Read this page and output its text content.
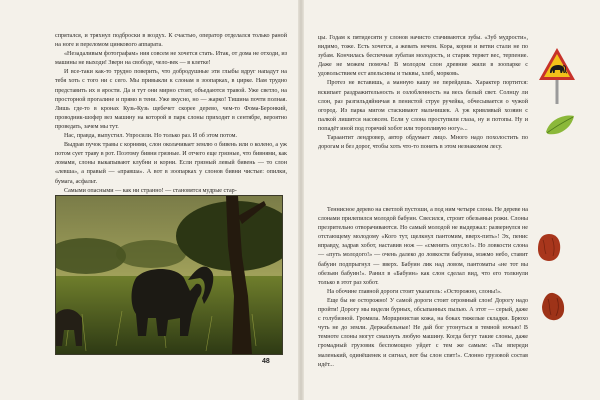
спрятался, и тряхнул подброски в воздух. К счастью, оператор отделался только раной на ноге и переломом цинкового аппарата.

«Незадаливым фотографам» ния совсем не хочется стать. Итак, от дома не отходи, из машины не выходи! Зверн на свободе, чело-век — в клетке!

И все-таки как-то трудно поверить, что добродушные эти глыбы вдруг нападут на тебя хоть с того ни с сего. Мы привыкли к слонам в зоопарках, в цирке. Нам трудно представить их в ярости. Да и тут они мирно стоят, объедаются травой. Уже светло, на просторной прогалине и прямо в тени. Уже вкусно, но — жарко! Тишина почти полная. Лишь где-то в кронах Кузь-Кузь щебечет скорее дерево, чем-то Фома-Беронкий, проводник-шофер вез машину на которой в парк слоны приходят в сентябре, вероятно проведать, зачем мы тут.

Нас, правда, выпустил. Упросили. Но только раз. И об этом потом.

Выдрав пучок травы с корнями, слон околачивает землю о бивень или о колено, а уж потом сует траву в рот. Поэтому бивни грязные. И отчего еще грязные, что бивнями, как ломами, слоны выкапывают клубни и корни. Если грязный левый бивень — то слон «левша», а правый — «правша». А вот в зоопарках у слонов бивни чистые: опилки, бумага, асфальт.

Самыми опасными — как ни странно! — становятся мудрые стар-

48

цы. Годам к пятидесяти у слонов начисто стачиваются зубы. «Зуб мудрости», видимо, тоже. Есть хочется, а жевать нечем. Кора, корни и ветви стали не по зубам. Кончилась беспечная зубатая молодость, и старик теряет вес, терпение. Даже не можем помочь! В молодом слон древние жили в зоопарке с удовольствием ест апельсины и тыквы, хлеб, морковь.

Протез не вставишь, а манную кашу не перейдешь. Характер портится: вскипает раздражительность и озлобленность на весь белый свет. Солнцу ли слон, раз разгильдяйничая в пенистой струе ручейка, обчесывается о чужой огород. Из парка мигом стаскивают мальчишек. А уж кривлявый хозяин с палкой лишится насовсем. Если у слона проступили глаза, ну и потопы. Ну и попадёт иной под горячий хобот или торопливую ногу»...

Тараантит лендровер, автор обдумает лицо. Много надо похолостить по дорогам и без дорог, чтобы хоть что-то понять в этом незнакомом лесу.

Теннисное дерево на светлой пустоши, а под ним четыре слона. Не дереве на слонами прилепился молодой бабуин. Свесился, строит обезьяньи рожи. Слоны презрительно отворачиваются. Но самый молодой не выдержал: развернулся не отстающему молодому «Кого тут, щелкнул пантомим, вверх-пить»! Эх, пенис вправду, задрав хобот, наставив нож — «сменить опусло!». Но ловкости слона — «путь молодого!» — очень далеко до ловкости бабуина, мэжмо небо, ставит бабуин подпрыгнул — вверх. Бабуин лик над ловом, пантоматы «не тот вы обезьян бабуин!». Ранил в «Бабуин» как слон сделал вид, что его толкнули только в этот раз хобот.

На обочине главной дороги стоит указатель: «Осторожно, слоны!».

Еще бы не осторожно! У самой дороги стоит огромный слон! Дорогу надо пройти! Дорогу мы видели бурных, обсыпанных пылью. А этот — серый, даже с голубизной. Громила. Морщинистая кожа, на боках тяжелые складки. Брюхо чуть не до земли. Держабельные! Не дай бог утонуться в темной ночью! В темноте слоны могут смахнуть любую машину. Когда бегут такие слоны, даже громадный грузовик беспомощно уйдет с тем же самым: «Ты впереди маленький, одинёшенек и сигнал, вот бы слон спят!». Слонно грузовой состав идёт...
